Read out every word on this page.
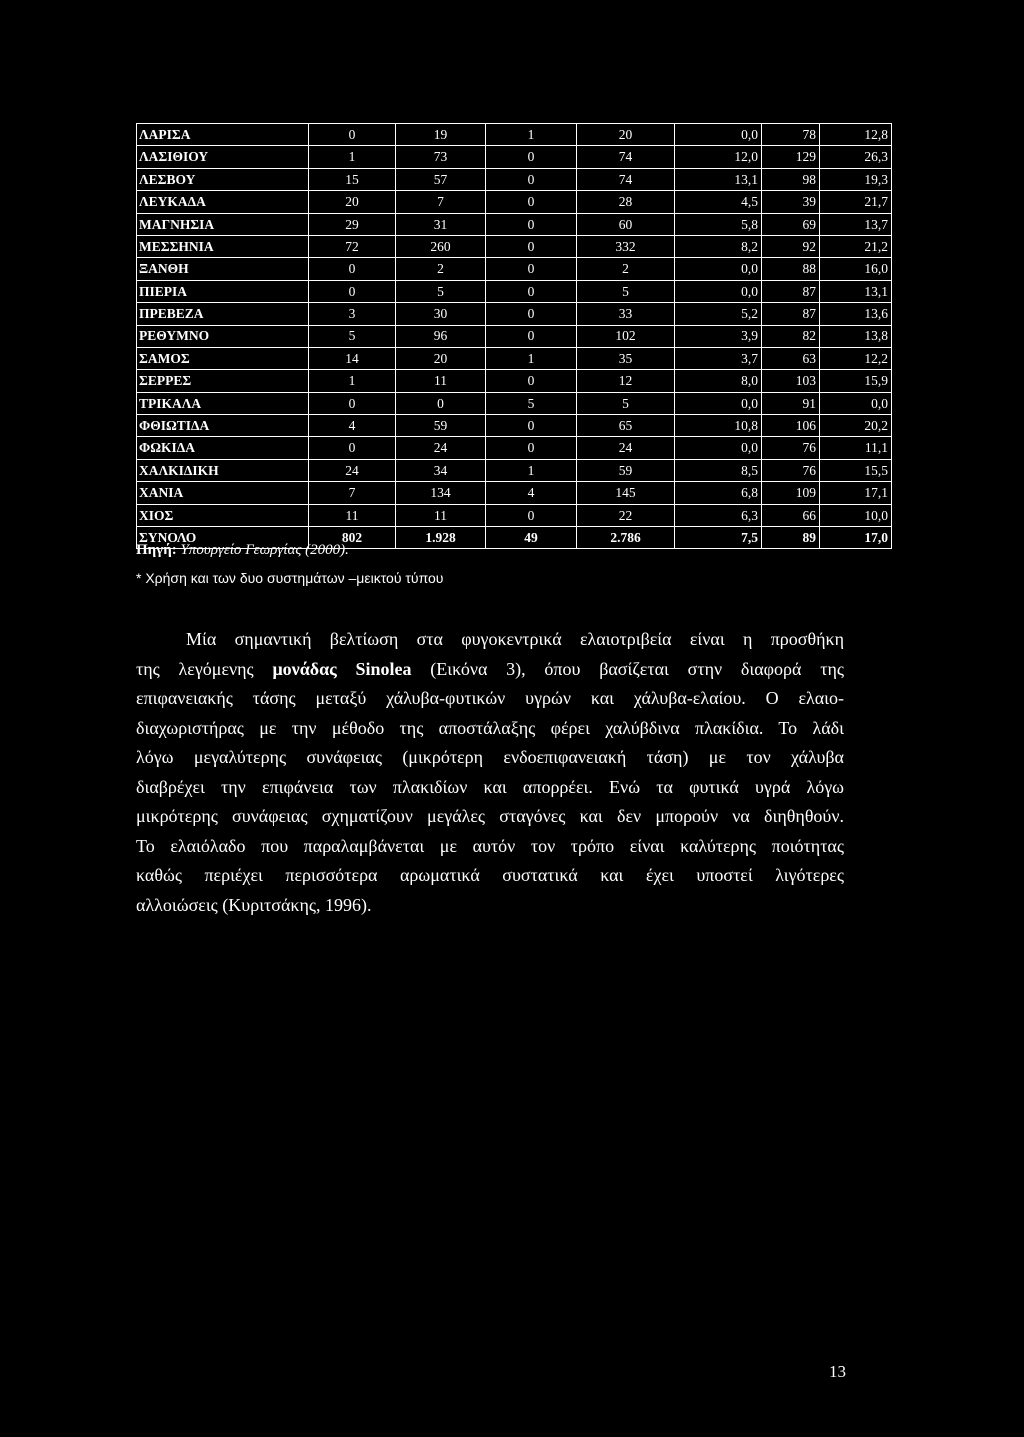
ΛΑΡΙΣΑ	0	19	1	20	0,0	78	12,8
ΛΑΣΙΘΙΟΥ	1	73	0	74	12,0	129	26,3
ΛΕΣΒΟΥ	15	57	0	74	13,1	98	19,3
ΛΕΥΚΑΔΑ	20	7	0	28	4,5	39	21,7
ΜΑΓΝΗΣΙΑ	29	31	0	60	5,8	69	13,7
ΜΕΣΣΗΝΙΑ	72	260	0	332	8,2	92	21,2
ΞΑΝΘΗ	0	2	0	2	0,0	88	16,0
ΠΙΕΡΙΑ	0	5	0	5	0,0	87	13,1
ΠΡΕΒΕΖΑ	3	30	0	33	5,2	87	13,6
ΡΕΘΥΜΝΟ	5	96	0	102	3,9	82	13,8
ΣΑΜΟΣ	14	20	1	35	3,7	63	12,2
ΣΕΡΡΕΣ	1	11	0	12	8,0	103	15,9
ΤΡΙΚΑΛΑ	0	0	5	5	0,0	91	0,0
ΦΘΙΩΤΙΔΑ	4	59	0	65	10,8	106	20,2
ΦΩΚΙΔΑ	0	24	0	24	0,0	76	11,1
ΧΑΛΚΙΔΙΚΗ	24	34	1	59	8,5	76	15,5
ΧΑΝΙΑ	7	134	4	145	6,8	109	17,1
ΧΙΟΣ	11	11	0	22	6,3	66	10,0
ΣΥΝΟΛΟ	802	1.928	49	2.786	7,5	89	17,0
Πηγή: Υπουργείο Γεωργίας (2000).
* Χρήση και των δυο συστημάτων –μεικτού τύπου
Μία σημαντική βελτίωση στα φυγοκεντρικά ελαιοτριβεία είναι η προσθήκη
της λεγόμενης μονάδας Sinolea (Εικόνα 3), όπου βασίζεται στην διαφορά της
επιφανειακής τάσης μεταξύ χάλυβα-φυτικών υγρών και χάλυβα-ελαίου. Ο ελαιο-
διαχωριστήρας με την μέθοδο της αποστάλαξης φέρει χαλύβδινα πλακίδια. Το λάδι
λόγω μεγαλύτερης συνάφειας (μικρότερη ενδοεπιφανειακή τάση) με τον χάλυβα
διαβρέχει την επιφάνεια των πλακιδίων και απορρέει. Ενώ τα φυτικά υγρά λόγω
μικρότερης συνάφειας σχηματίζουν μεγάλες σταγόνες και δεν μπορούν να διηθηθούν.
Το ελαιόλαδο που παραλαμβάνεται με αυτόν τον τρόπο είναι καλύτερης ποιότητας
καθώς περιέχει περισσότερα αρωματικά συστατικά και έχει υποστεί λιγότερες
αλλοιώσεις (Κυριτσάκης, 1996).
13
